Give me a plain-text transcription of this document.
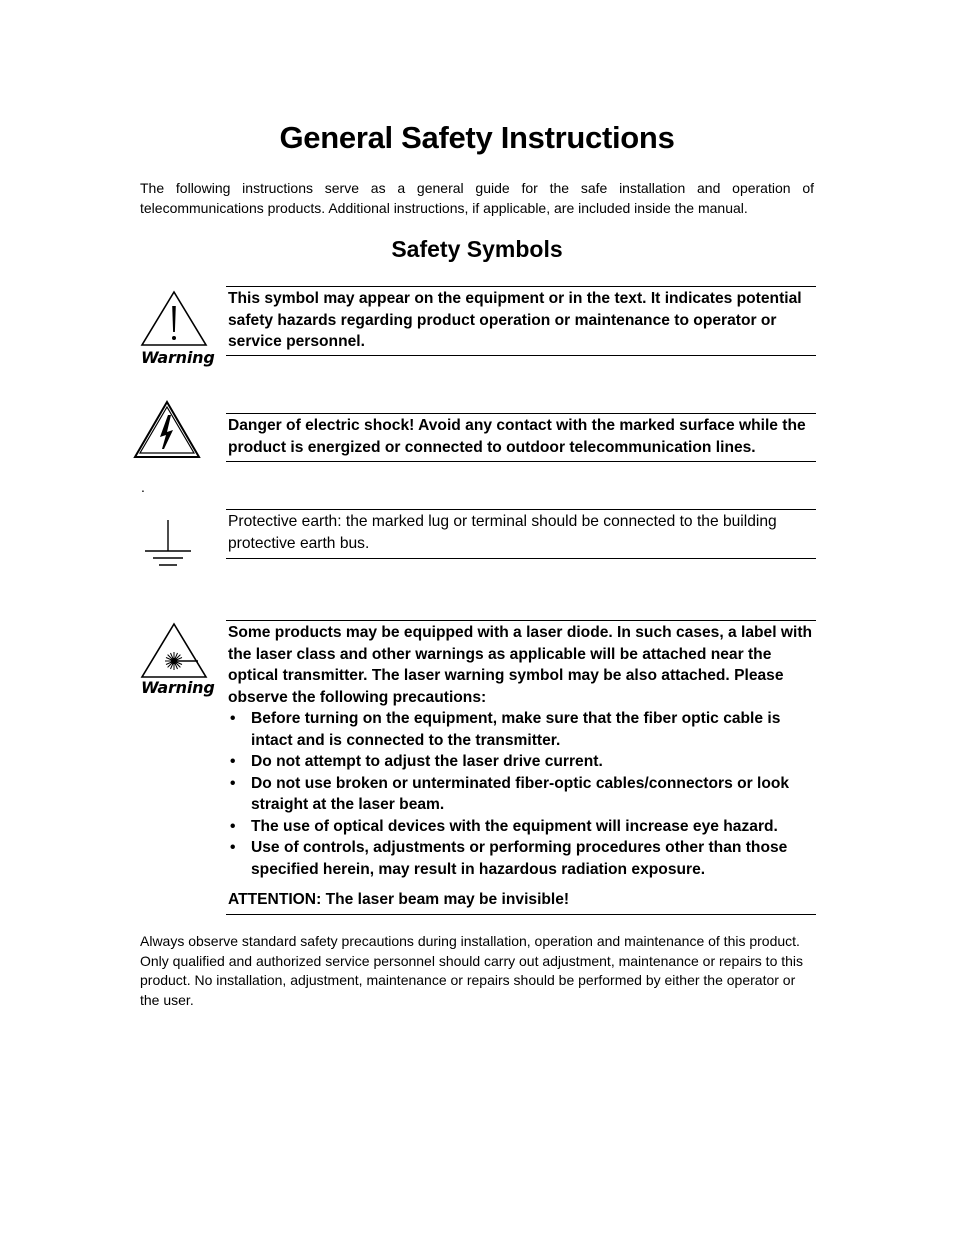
General Safety Instructions

The following instructions serve as a general guide for the safe installation and operation of telecommunications products. Additional instructions, if applicable, are included inside the manual.

Safety Symbols
Warning

This symbol may appear on the equipment or in the text. It indicates potential safety hazards regarding product operation or maintenance to operator or service personnel.

Danger of electric shock! Avoid any contact with the marked surface while the product is energized or connected to outdoor telecommunication lines.

.

Protective earth: the marked lug or terminal should be connected to the building protective earth bus.

Warning

Some products may be equipped with a laser diode. In such cases, a label with the laser class and other warnings as applicable will be attached near the optical transmitter. The laser warning symbol may be also attached. Please observe the following precautions:

• Before turning on the equipment, make sure that the fiber optic cable is intact and is connected to the transmitter.
• Do not attempt to adjust the laser drive current.
• Do not use broken or unterminated fiber-optic cables/connectors or look straight at the laser beam.
• The use of optical devices with the equipment will increase eye hazard.
• Use of controls, adjustments or performing procedures other than those specified herein, may result in hazardous radiation exposure.

ATTENTION: The laser beam may be invisible!

Always observe standard safety precautions during installation, operation and maintenance of this product. Only qualified and authorized service personnel should carry out adjustment, maintenance or repairs to this product. No installation, adjustment, maintenance or repairs should be performed by either the operator or the user.
